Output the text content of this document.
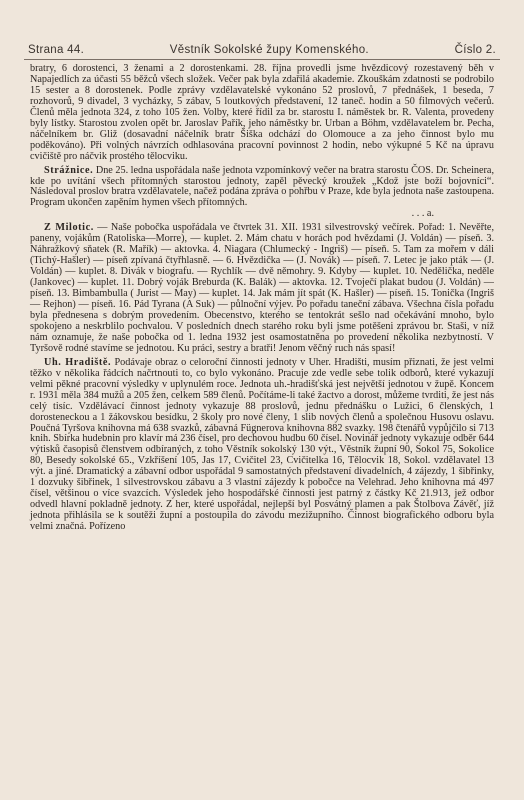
Strana 44.	Věstník Sokolské župy Komenského.	Číslo 2.

bratry, 6 dorostenci, 3 ženami a 2 dorostenkami. 28. října provedli jsme hvězdicový rozestavený běh v Napajedlích za účasti 55 běžců všech složek. Večer pak byla zdařilá akademie. Zkouškám zdatnosti se podrobilo 15 sester a 8 dorostenek. Podle zprávy vzdělavatelské vykonáno 52 proslovů, 7 přednášek, 1 beseda, 7 rozhovorů, 9 divadel, 3 vycházky, 5 zábav, 5 loutkových představení, 12 taneč. hodin a 50 filmových večerů. Členů měla jednota 324, z toho 105 žen. Volby, které řídil za br. starostu I. náměstek br. R. Valenta, provedeny byly lístky. Starostou zvolen opět br. Jaroslav Pařík, jeho náměstky br. Urban a Böhm, vzdělavatelem br. Pecha, náčelníkem br. Gliž (dosavadní náčelník bratr Šiška odchází do Olomouce a za jeho činnost bylo mu poděkováno). Při volných návrzích odhlasována pracovní povinnost 2 hodin, nebo výkupné 5 Kč na úpravu cvičiště pro náčvik prostého tělocviku.

Strážnice. Dne 25. ledna uspořádala naše jednota vzpomínkový večer na bratra starostu ČOS. Dr. Scheinera, kde po uvítání všech přítomných starostou jednoty, zapěl pěvecký kroužek „Kdož jste boží bojovníci“. Následoval proslov bratra vzdělavatele, načež podána zpráva o pohřbu v Praze, kde byla jednota naše zastoupena. Program ukončen zapěním hymen všech přítomných.

. . . a.

Z Milotic. — Naše pobočka uspořádala ve čtvrtek 31. XII. 1931 silvestrovský večírek. Pořad: 1. Nevěřte, paneny, vojákům (Ratoliska—Morre), — kuplet. 2. Mám chatu v horách pod hvězdami (J. Voldán) — píseň. 3. Náhražkový sňatek (R. Mařík) — aktovka. 4. Niagara (Chlumecký - Ingriš) — píseň. 5. Tam za mořem v dáli (Tichý-Hašler) — píseň zpívaná čtyřhlasně. — 6. Hvězdička — (J. Novák) — píseň. 7. Letec je jako pták — (J. Voldán) — kuplet. 8. Divák v biografu. — Rychlík — dvě němohry. 9. Kdyby — kuplet. 10. Nedělička, neděle (Jankovec) — kuplet. 11. Dobrý voják Breburda (K. Balák) — aktovka. 12. Tvoječí plakat budou (J. Voldán) — píseň. 13. Bimbambulla ( Jurist — May) — kuplet. 14. Jak mám jít spát (K. Hašler) — píseň. 15. Tonička (Ingriš — Rejhon) — píseň. 16. Pád Tyrana (A Suk) — půlnoční výjev. Po pořadu taneční zábava. Všechna čísla pořadu byla přednesena s dobrým provedením. Obecenstvo, kterého se tentokrát sešlo nad očekávání mnoho, bylo spokojeno a neskrblilo pochvalou. V posledních dnech starého roku byli jsme potěšeni zprávou br. Staši, v níž nám oznamuje, že naše pobočka od 1. ledna 1932 jest osamostatněna po provedení několika nezbytností. V Tyršově rodné stavíme se jednotou. Ku práci, sestry a bratři! Jenom věčný ruch nás spasí!

Uh. Hradiště. Podávaje obraz o celoroční činnosti jednoty v Uher. Hradišti, musím přiznati, že jest velmi těžko v několika řádcích načrtnouti to, co bylo vykonáno. Pracuje zde vedle sebe tolik odborů, které vykazují velmi pěkné pracovní výsledky v uplynulém roce. Jednota uh.-hradišťská jest největší jednotou v župě. Koncem r. 1931 měla 384 mužů a 205 žen, celkem 589 členů. Počítáme-li také žactvo a dorost, můžeme tvrditi, že jest nás celý tisíc. Vzdělávací činnost jednoty vykazuje 88 proslovů, jednu přednášku o Lužici, 6 členských, 1 dorosteneckou a 1 žákovskou besídku, 2 školy pro nové členy, 1 slib nových členů a společnou Husovu oslavu. Poučná Tyršova knihovna má 638 svazků, zábavná Fügnerova knihovna 882 svazky. 198 čtenářů vypůjčilo si 713 knih. Sbírka hudebnin pro klavír má 236 čísel, pro dechovou hudbu 60 čísel. Novinář jednoty vykazuje odběr 644 výtisků časopisů členstvem odbíraných, z toho Věstník sokolský 130 výt., Věstník župní 90, Sokol 75, Sokolice 80, Besedy sokolské 65., Vzkříšení 105, Jas 17, Cvičitel 23, Cvičitelka 16, Tělocvik 18, Sokol. vzdělavatel 13 výt. a jiné. Dramatický a zábavní odbor uspořádal 9 samostatných představení divadelních, 4 zájezdy, 1 šibřinky, 1 dozvuky šibřinek, 1 silvestrovskou zábavu a 3 vlastní zájezdy k pobočce na Velehrad. Jeho knihovna má 497 čísel, většinou o více svazcích. Výsledek jeho hospodářské činnosti jest patrný z částky Kč 21.913, jež odbor odvedl hlavní pokladně jednoty. Z her, které uspořádal, nejlepší byl Posvátný plamen a pak Štolbova Závěť, jíž jednota přihlásila se k soutěži župní a postoupila do závodu mezižupního. Činnost biografického odboru byla velmi značná. Pořízeno
